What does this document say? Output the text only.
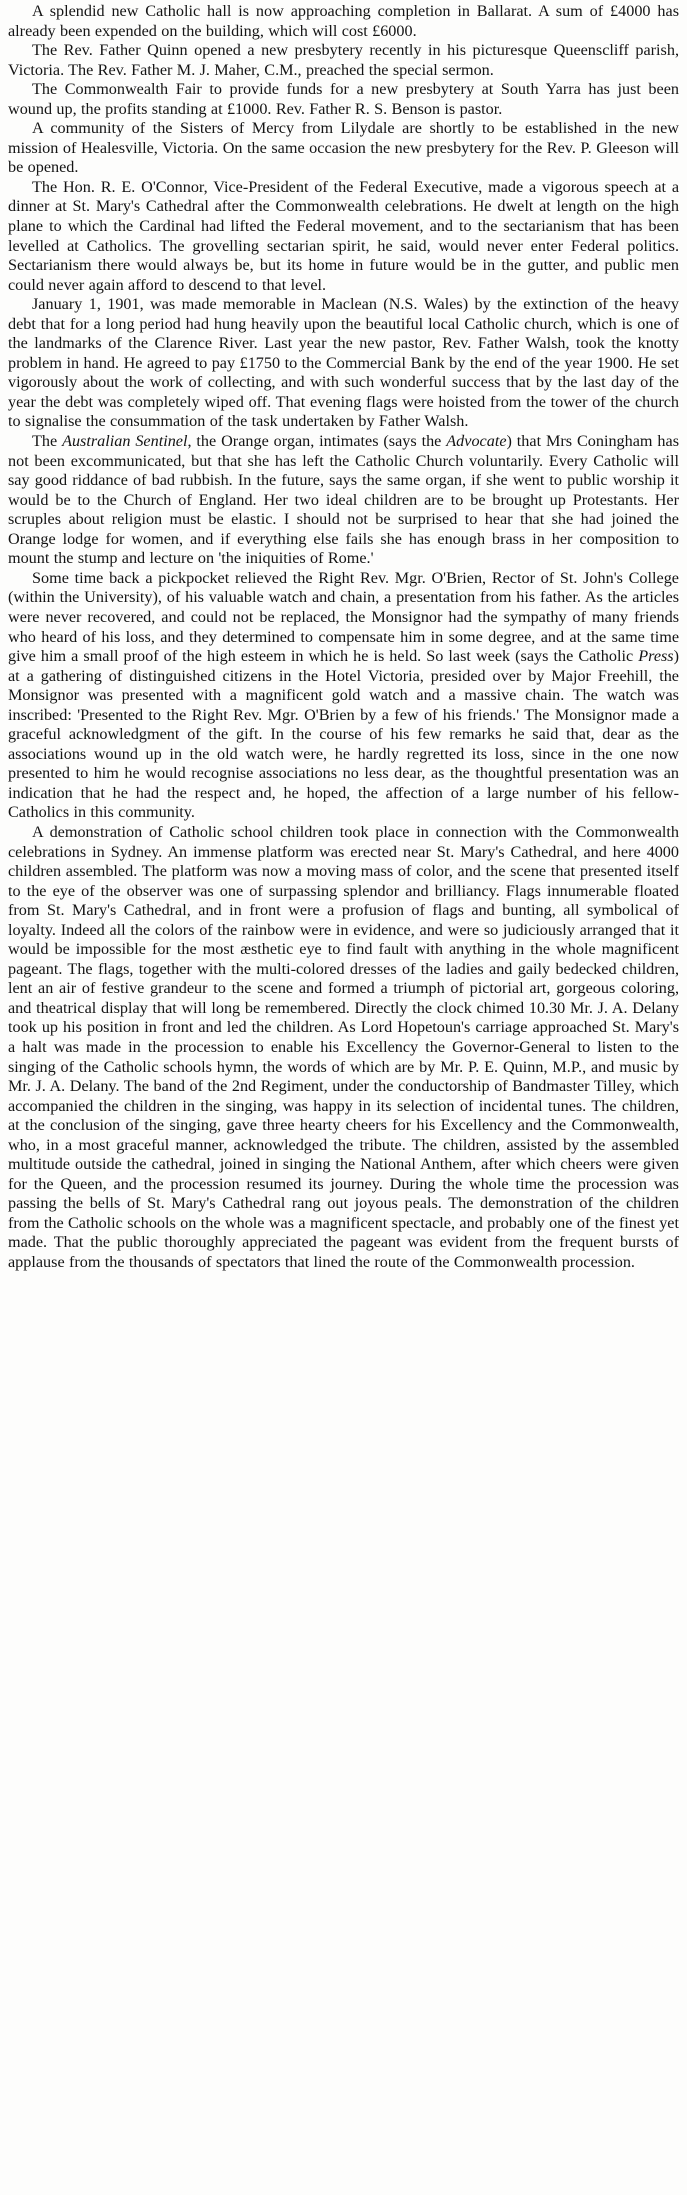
A splendid new Catholic hall is now approaching completion in Ballarat. A sum of £4000 has already been expended on the building, which will cost £6000.

The Rev. Father Quinn opened a new presbytery recently in his picturesque Queenscliff parish, Victoria. The Rev. Father M. J. Maher, C.M., preached the special sermon.

The Commonwealth Fair to provide funds for a new presbytery at South Yarra has just been wound up, the profits standing at £1000. Rev. Father R. S. Benson is pastor.

A community of the Sisters of Mercy from Lilydale are shortly to be established in the new mission of Healesville, Victoria. On the same occasion the new presbytery for the Rev. P. Gleeson will be opened.

The Hon. R. E. O'Connor, Vice-President of the Federal Executive, made a vigorous speech at a dinner at St. Mary's Cathedral after the Commonwealth celebrations. He dwelt at length on the high plane to which the Cardinal had lifted the Federal movement, and to the sectarianism that has been levelled at Catholics. The grovelling sectarian spirit, he said, would never enter Federal politics. Sectarianism there would always be, but its home in future would be in the gutter, and public men could never again afford to descend to that level.

January 1, 1901, was made memorable in Maclean (N.S. Wales) by the extinction of the heavy debt that for a long period had hung heavily upon the beautiful local Catholic church, which is one of the landmarks of the Clarence River. Last year the new pastor, Rev. Father Walsh, took the knotty problem in hand. He agreed to pay £1750 to the Commercial Bank by the end of the year 1900. He set vigorously about the work of collecting, and with such wonderful success that by the last day of the year the debt was completely wiped off. That evening flags were hoisted from the tower of the church to signalise the consummation of the task undertaken by Father Walsh.

The Australian Sentinel, the Orange organ, intimates (says the Advocate) that Mrs Coningham has not been excommunicated, but that she has left the Catholic Church voluntarily. Every Catholic will say good riddance of bad rubbish. In the future, says the same organ, if she went to public worship it would be to the Church of England. Her two ideal children are to be brought up Protestants. Her scruples about religion must be elastic. I should not be surprised to hear that she had joined the Orange lodge for women, and if everything else fails she has enough brass in her composition to mount the stump and lecture on 'the iniquities of Rome.'

Some time back a pickpocket relieved the Right Rev. Mgr. O'Brien, Rector of St. John's College (within the University), of his valuable watch and chain, a presentation from his father. As the articles were never recovered, and could not be replaced, the Monsignor had the sympathy of many friends who heard of his loss, and they determined to compensate him in some degree, and at the same time give him a small proof of the high esteem in which he is held. So last week (says the Catholic Press) at a gathering of distinguished citizens in the Hotel Victoria, presided over by Major Freehill, the Monsignor was presented with a magnificent gold watch and a massive chain. The watch was inscribed: 'Presented to the Right Rev. Mgr. O'Brien by a few of his friends.' The Monsignor made a graceful acknowledgment of the gift. In the course of his few remarks he said that, dear as the associations wound up in the old watch were, he hardly regretted its loss, since in the one now presented to him he would recognise associations no less dear, as the thoughtful presentation was an indication that he had the respect and, he hoped, the affection of a large number of his fellow-Catholics in this community.

A demonstration of Catholic school children took place in connection with the Commonwealth celebrations in Sydney. An immense platform was erected near St. Mary's Cathedral, and here 4000 children assembled. The platform was now a moving mass of color, and the scene that presented itself to the eye of the observer was one of surpassing splendor and brilliancy. Flags innumerable floated from St. Mary's Cathedral, and in front were a profusion of flags and bunting, all symbolical of loyalty. Indeed all the colors of the rainbow were in evidence, and were so judiciously arranged that it would be impossible for the most æsthetic eye to find fault with anything in the whole magnificent pageant. The flags, together with the multi-colored dresses of the ladies and gaily bedecked children, lent an air of festive grandeur to the scene and formed a triumph of pictorial art, gorgeous coloring, and theatrical display that will long be remembered. Directly the clock chimed 10.30 Mr. J. A. Delany took up his position in front and led the children. As Lord Hopetoun's carriage approached St. Mary's a halt was made in the procession to enable his Excellency the Governor-General to listen to the singing of the Catholic schools hymn, the words of which are by Mr. P. E. Quinn, M.P., and music by Mr. J. A. Delany. The band of the 2nd Regiment, under the conductorship of Bandmaster Tilley, which accompanied the children in the singing, was happy in its selection of incidental tunes. The children, at the conclusion of the singing, gave three hearty cheers for his Excellency and the Commonwealth, who, in a most graceful manner, acknowledged the tribute. The children, assisted by the assembled multitude outside the cathedral, joined in singing the National Anthem, after which cheers were given for the Queen, and the procession resumed its journey. During the whole time the procession was passing the bells of St. Mary's Cathedral rang out joyous peals. The demonstration of the children from the Catholic schools on the whole was a magnificent spectacle, and probably one of the finest yet made. That the public thoroughly appreciated the pageant was evident from the frequent bursts of applause from the thousands of spectators that lined the route of the Commonwealth procession.
